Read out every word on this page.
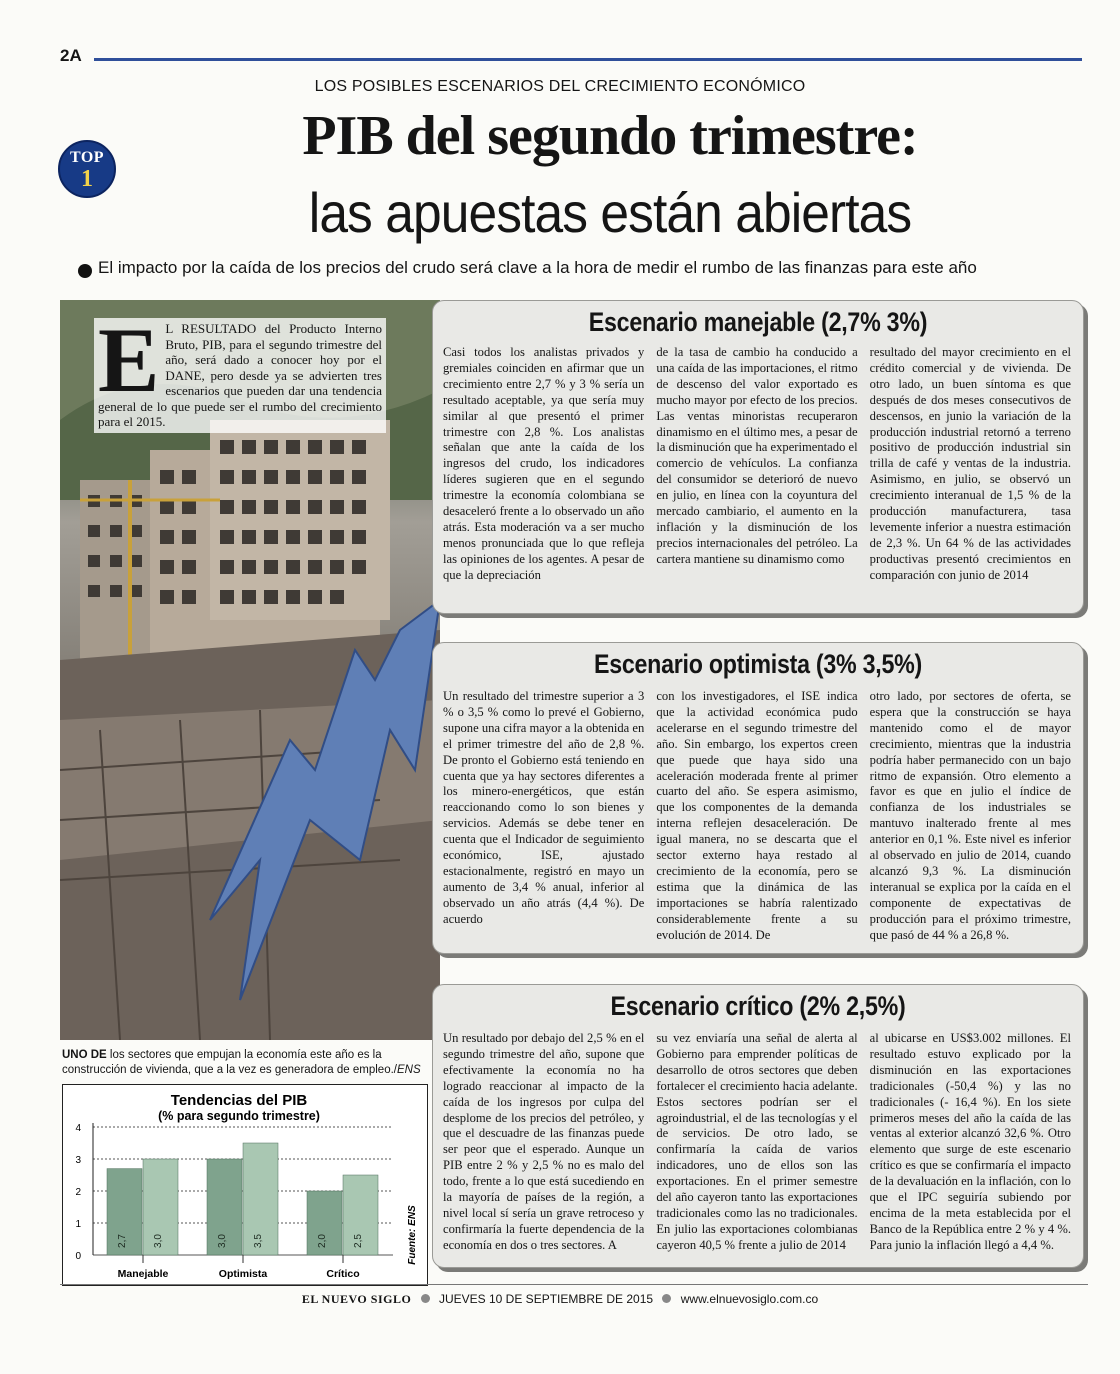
2A
LOS POSIBLES ESCENARIOS DEL CRECIMIENTO ECONÓMICO
TOP
1
PIB del segundo trimestre:
las apuestas están abiertas
El impacto por la caída de los precios del crudo será clave a la hora de medir el rumbo de las finanzas para este año
E L RESULTADO del Producto Interno Bruto, PIB, para el segundo trimestre del año, será dado a conocer hoy por el DANE, pero desde ya se advierten tres escenarios que pueden dar una tendencia general de lo que puede ser el rumbo del crecimiento para el 2015.
UNO DE los sectores que empujan la economía este año es la construcción de vivienda, que a la vez es generadora de empleo./ENS
Tendencias del PIB
(% para segundo trimestre)
Fuente: ENS
0
1
2
3
4
2,7	3,0
Manejable
3,0	3,5
Optimista
2,0	2,5
Crítico
Escenario manejable (2,7% 3%)
Casi todos los analistas privados y gremiales coinciden en afirmar que un crecimiento entre 2,7 % y 3 % sería un resultado aceptable, ya que sería muy similar al que presentó el primer trimestre con 2,8 %. Los analistas señalan que ante la caída de los ingresos del crudo, los indicadores líderes sugieren que en el segundo trimestre la economía colombiana se desaceleró frente a lo observado un año atrás. Esta moderación va a ser mucho menos pronunciada que lo que refleja las opiniones de los agentes. A pesar de que la depreciación
de la tasa de cambio ha conducido a una caída de las importaciones, el ritmo de descenso del valor exportado es mucho mayor por efecto de los precios. Las ventas minoristas recuperaron dinamismo en el último mes, a pesar de la disminución que ha experimentado el comercio de vehículos. La confianza del consumidor se deterioró de nuevo en julio, en línea con la coyuntura del mercado cambiario, el aumento en la inflación y la disminución de los precios internacionales del petróleo. La cartera mantiene su dinamismo como
resultado del mayor crecimiento en el crédito comercial y de vivienda. De otro lado, un buen síntoma es que después de dos meses consecutivos de descensos, en junio la variación de la producción industrial retornó a terreno positivo de producción industrial sin trilla de café y ventas de la industria. Asimismo, en julio, se observó un crecimiento interanual de 1,5 % de la producción manufacturera, tasa levemente inferior a nuestra estimación de 2,3 %. Un 64 % de las actividades productivas presentó crecimientos en comparación con junio de 2014
Escenario optimista (3% 3,5%)
Un resultado del trimestre superior a 3 % o 3,5 % como lo prevé el Gobierno, supone una cifra mayor a la obtenida en el primer trimestre del año de 2,8 %. De pronto el Gobierno está teniendo en cuenta que ya hay sectores diferentes a los minero-energéticos, que están reaccionando como lo son bienes y servicios. Además se debe tener en cuenta que el Indicador de seguimiento económico, ISE, ajustado estacionalmente, registró en mayo un aumento de 3,4 % anual, inferior al observado un año atrás (4,4 %). De acuerdo
con los investigadores, el ISE indica que la actividad económica pudo acelerarse en el segundo trimestre del año. Sin embargo, los expertos creen que puede que haya sido una aceleración moderada frente al primer cuarto del año. Se espera asimismo, que los componentes de la demanda interna reflejen desaceleración. De igual manera, no se descarta que el sector externo haya restado al crecimiento de la economía, pero se estima que la dinámica de las importaciones se habría ralentizado considerablemente frente a su evolución de 2014. De
otro lado, por sectores de oferta, se espera que la construcción se haya mantenido como el de mayor crecimiento, mientras que la industria podría haber permanecido con un bajo ritmo de expansión. Otro elemento a favor es que en julio el índice de confianza de los industriales se mantuvo inalterado frente al mes anterior en 0,1 %. Este nivel es inferior al observado en julio de 2014, cuando alcanzó 9,3 %. La disminución interanual se explica por la caída en el componente de expectativas de producción para el próximo trimestre, que pasó de 44 % a 26,8 %.
Escenario crítico (2% 2,5%)
Un resultado por debajo del 2,5 % en el segundo trimestre del año, supone que efectivamente la economía no ha logrado reaccionar al impacto de la caída de los ingresos por culpa del desplome de los precios del petróleo, y que el descuadre de las finanzas puede ser peor que el esperado. Aunque un PIB entre 2 % y 2,5 % no es malo del todo, frente a lo que está sucediendo en la mayoría de países de la región, a nivel local sí sería un grave retroceso y confirmaría la fuerte dependencia de la economía en dos o tres sectores. A
su vez enviaría una señal de alerta al Gobierno para emprender políticas de desarrollo de otros sectores que deben fortalecer el crecimiento hacia adelante. Estos sectores podrían ser el agroindustrial, el de las tecnologías y el de servicios. De otro lado, se confirmaría la caída de varios indicadores, uno de ellos son las exportaciones. En el primer semestre del año cayeron tanto las exportaciones tradicionales como las no tradicionales. En julio las exportaciones colombianas cayeron 40,5 % frente a julio de 2014
al ubicarse en US$3.002 millones. El resultado estuvo explicado por la disminución en las exportaciones tradicionales (-50,4 %) y las no tradicionales (- 16,4 %). En los siete primeros meses del año la caída de las ventas al exterior alcanzó 32,6 %. Otro elemento que surge de este escenario crítico es que se confirmaría el impacto de la devaluación en la inflación, con lo que el IPC seguiría subiendo por encima de la meta establecida por el Banco de la República entre 2 % y 4 %. Para junio la inflación llegó a 4,4 %.
EL NUEVO SIGLO JUEVES 10 DE SEPTIEMBRE DE 2015 www.elnuevosiglo.com.co
